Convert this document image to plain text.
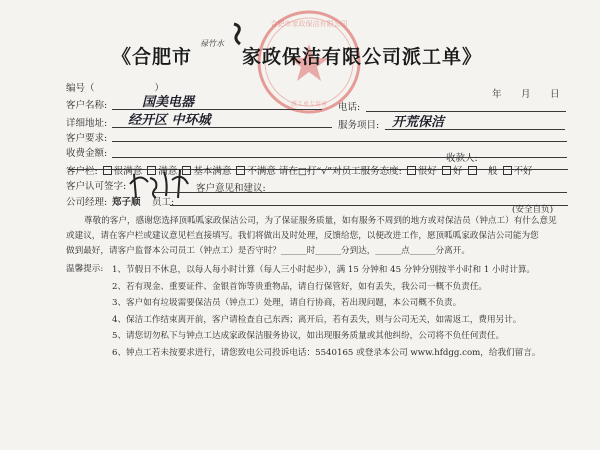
派工单专用章
合肥市家政保洁有限公司
禄竹水
《合肥市	家政保洁有限公司派工单》
编号（	）
年 月 日
客户名称:	国美电器	电话:
详细地址: 经开区 中环城	服务项目: 开荒保洁
客户要求:
收费金额:	收款人:
客户栏: 很满意 满意 基本满意 不满意 请在□打“√”对员工服务态度: 很好 好 一般 不好
客户认可签字:	客户意见和建议:
公司经理: 郑子顺 员工:
(安全自负)

尊敬的客户，感谢您选择顶呱呱家政保洁公司，为了保证服务质量，如有服务不周到的地方或对保洁员（钟点工）有什么意见

或建议，请在客户栏或建议意见栏直接填写。我们将做出及时处理，反馈给您，以便改进工作，愿顶呱呱家政保洁公司能为您

做到最好，请客户监督本公司员工（钟点工）是否守时？______时______分到达，______点______分离开。

温馨提示: 1、节假日不休息，以每人每小时计算（每人三小时起步），满 15 分钟和 45 分钟分别按半小时和 1 小时计算。

2、若有现金、重要证件、金银首饰等贵重物品，请自行保管好，如有丢失，我公司一概不负责任。

3、客户如有垃圾需要保洁员（钟点工）处理，请自行协商，若出现问题，本公司概不负责。

4、保洁工作结束离开前，客户请检查自己东西；离开后，若有丢失，则与公司无关，如需返工，费用另计。

5、请您切勿私下与钟点工达成家政保洁服务协议，如出现服务质量或其他纠纷，公司将不负任何责任。

6、钟点工若未按要求进行，请您致电公司投诉电话：5540165 或登录本公司 www.hfdgg.com，给我们留言。
